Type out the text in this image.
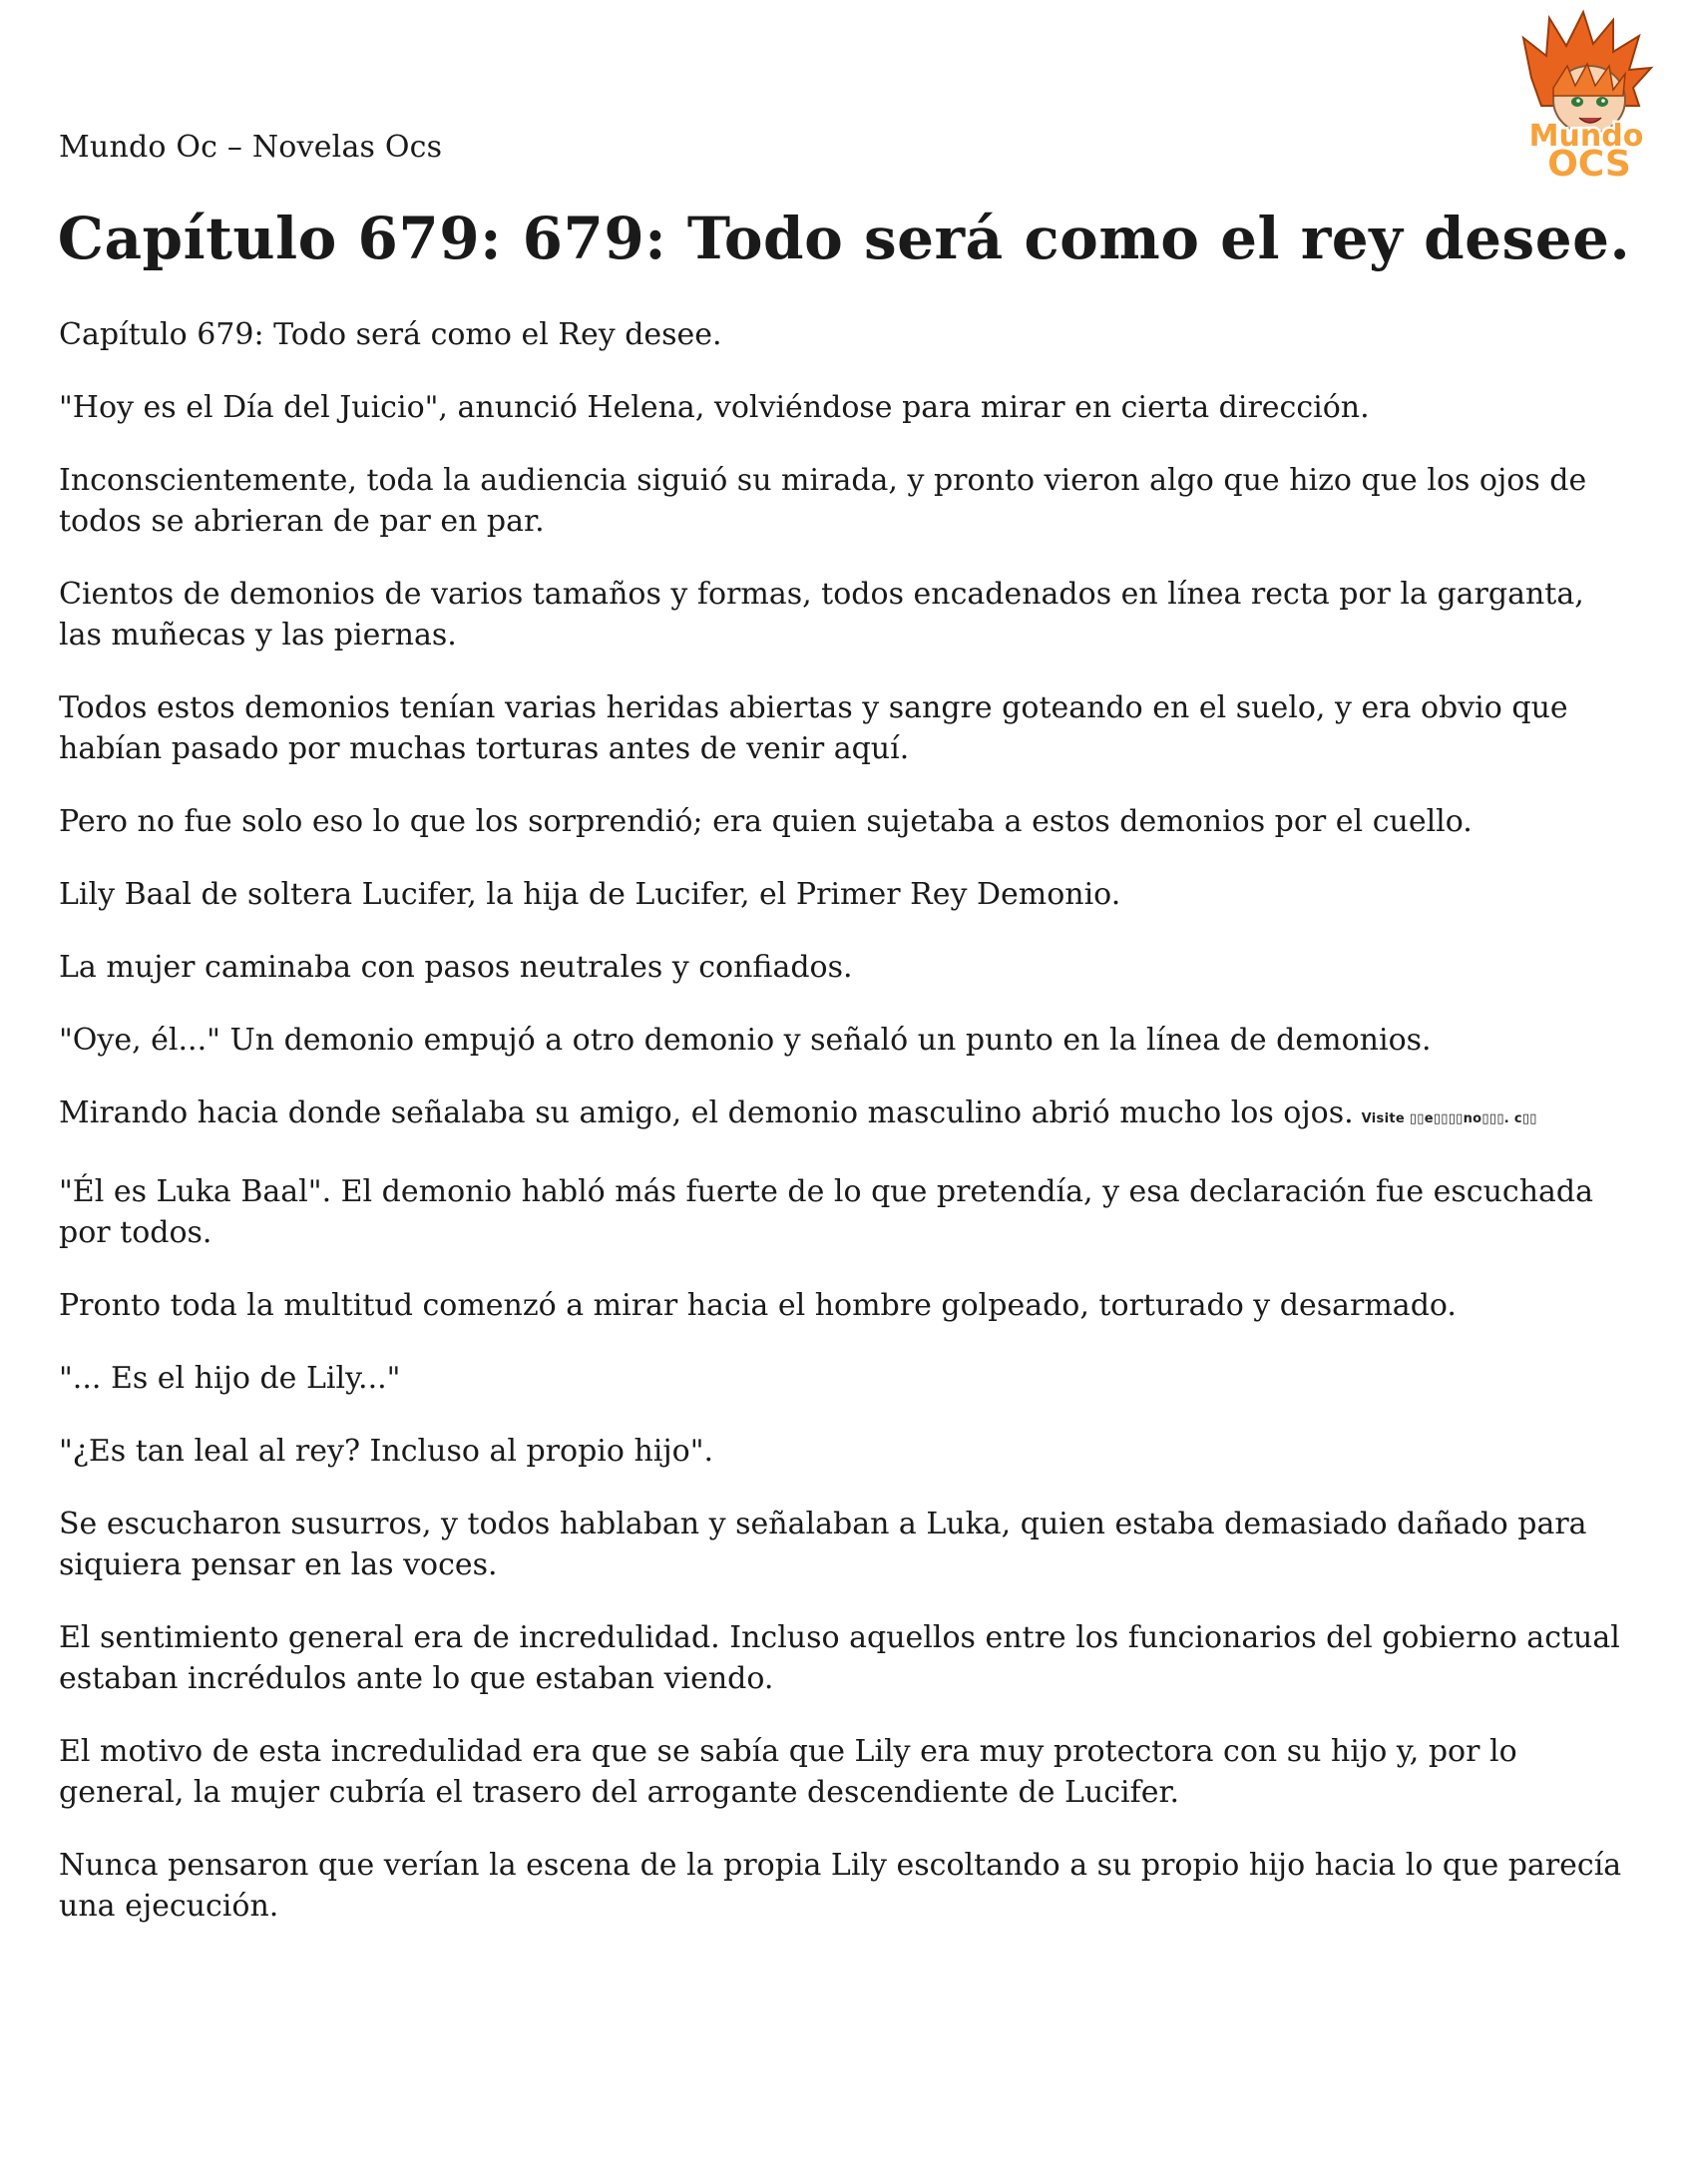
Mundo Oc – Novelas Ocs	Mundo
OCS
Capítulo 679: 679: Todo será como el rey desee.

Capítulo 679: Todo será como el Rey desee.

"Hoy es el Día del Juicio", anunció Helena, volviéndose para mirar en cierta dirección.

Inconscientemente, toda la audiencia siguió su mirada, y pronto vieron algo que hizo que los ojos de todos se abrieran de par en par.

Cientos de demonios de varios tamaños y formas, todos encadenados en línea recta por la garganta, las muñecas y las piernas.

Todos estos demonios tenían varias heridas abiertas y sangre goteando en el suelo, y era obvio que habían pasado por muchas torturas antes de venir aquí.

Pero no fue solo eso lo que los sorprendió; era quien sujetaba a estos demonios por el cuello.

Lily Baal de soltera Lucifer, la hija de Lucifer, el Primer Rey Demonio.

La mujer caminaba con pasos neutrales y confiados.

"Oye, él..." Un demonio empujó a otro demonio y señaló un punto en la línea de demonios.

Mirando hacia donde señalaba su amigo, el demonio masculino abrió mucho los ojos. Visite ▯▯e▯▯▯▯no▯▯▯. c▯▯

"Él es Luka Baal". El demonio habló más fuerte de lo que pretendía, y esa declaración fue escuchada por todos.

Pronto toda la multitud comenzó a mirar hacia el hombre golpeado, torturado y desarmado.

"... Es el hijo de Lily..."

"¿Es tan leal al rey? Incluso al propio hijo".

Se escucharon susurros, y todos hablaban y señalaban a Luka, quien estaba demasiado dañado para siquiera pensar en las voces.

El sentimiento general era de incredulidad. Incluso aquellos entre los funcionarios del gobierno actual estaban incrédulos ante lo que estaban viendo.

El motivo de esta incredulidad era que se sabía que Lily era muy protectora con su hijo y, por lo general, la mujer cubría el trasero del arrogante descendiente de Lucifer.

Nunca pensaron que verían la escena de la propia Lily escoltando a su propio hijo hacia lo que parecía una ejecución.
